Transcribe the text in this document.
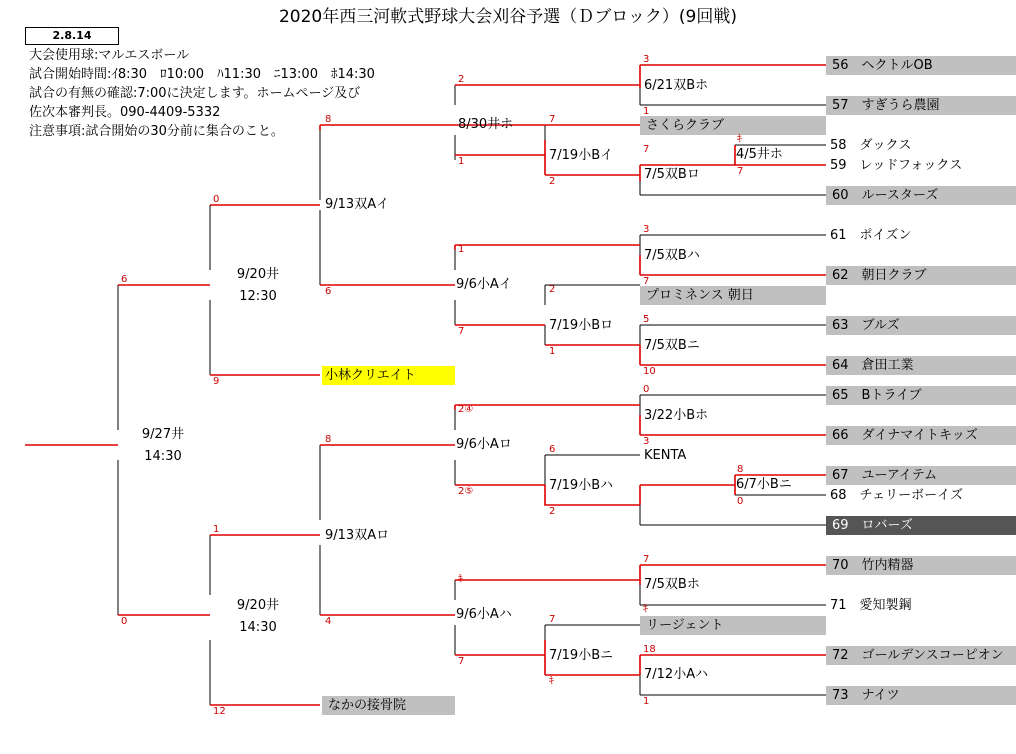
2020年西三河軟式野球大会刈谷予選（Ｄブロック）(9回戦)
2.8.14
大会使用球:マルエスボール
試合開始時間:ｲ8:30　ﾛ10:00　ﾊ11:30　ﾆ13:00　ﾎ14:30
試合の有無の確認:7:00に決定します。ホームページ及び
佐次本審判長。090-4409-5332
注意事項:試合開始の30分前に集合のこと。
56　ヘクトルOB
57　すぎうら農園
さくらクラブ
58　ダックス
59　レッドフォックス
60　ルースターズ
61　ポイズン
62　朝日クラブ
プロミネンス 朝日
63　ブルズ
64　倉田工業
小林クリエイト
65　Bトライブ
66　ダイナマイトキッズ
KENTA
67　ユーアイテム
68　チェリーボーイズ
69　ロバーズ
70　竹内精器
71　愛知製鋼
リージェント
72　ゴールデンスコーピオン
73　ナイツ
なかの接骨院
6/21双Bホ
8/30井ホ
7/19小Bイ	4/5井ホ
7/5双Bロ
9/13双Aイ
7/5双Bハ
9/6小Aイ
7/19小Bロ
7/5双Bニ
9/20井
12:30
9/27井
14:30
3/22小Bホ
9/6小Aロ
7/19小Bハ	6/7小Bニ
9/13双Aロ
7/5双Bホ
9/6小Aハ
7/19小Bニ
7/12小Aハ
9/20井
14:30
3
1
2
1
7
2
7
ｷ
7
8
6
0
9
6
0
3
7
1
7
2
1
5
10
0
3
2④
2⑤
6
2
8
0
8
4
1
12
7
ｷ
ｷ
7
7
ｷ
18
1
